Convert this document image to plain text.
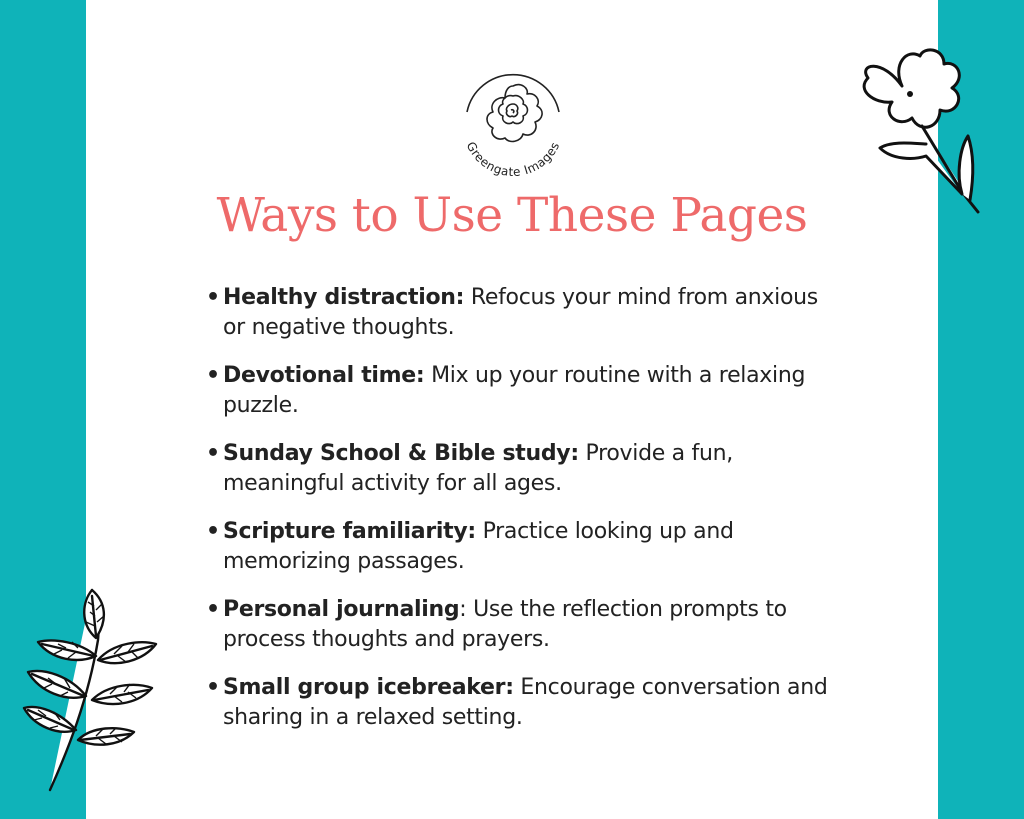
Greengate Images
Ways to Use These Pages
• Healthy distraction: Refocus your mind from anxious or negative thoughts.
• Devotional time: Mix up your routine with a relaxing puzzle.
• Sunday School & Bible study: Provide a fun, meaningful activity for all ages.
• Scripture familiarity: Practice looking up and memorizing passages.
• Personal journaling: Use the reflection prompts to process thoughts and prayers.
• Small group icebreaker: Encourage conversation and sharing in a relaxed setting.
